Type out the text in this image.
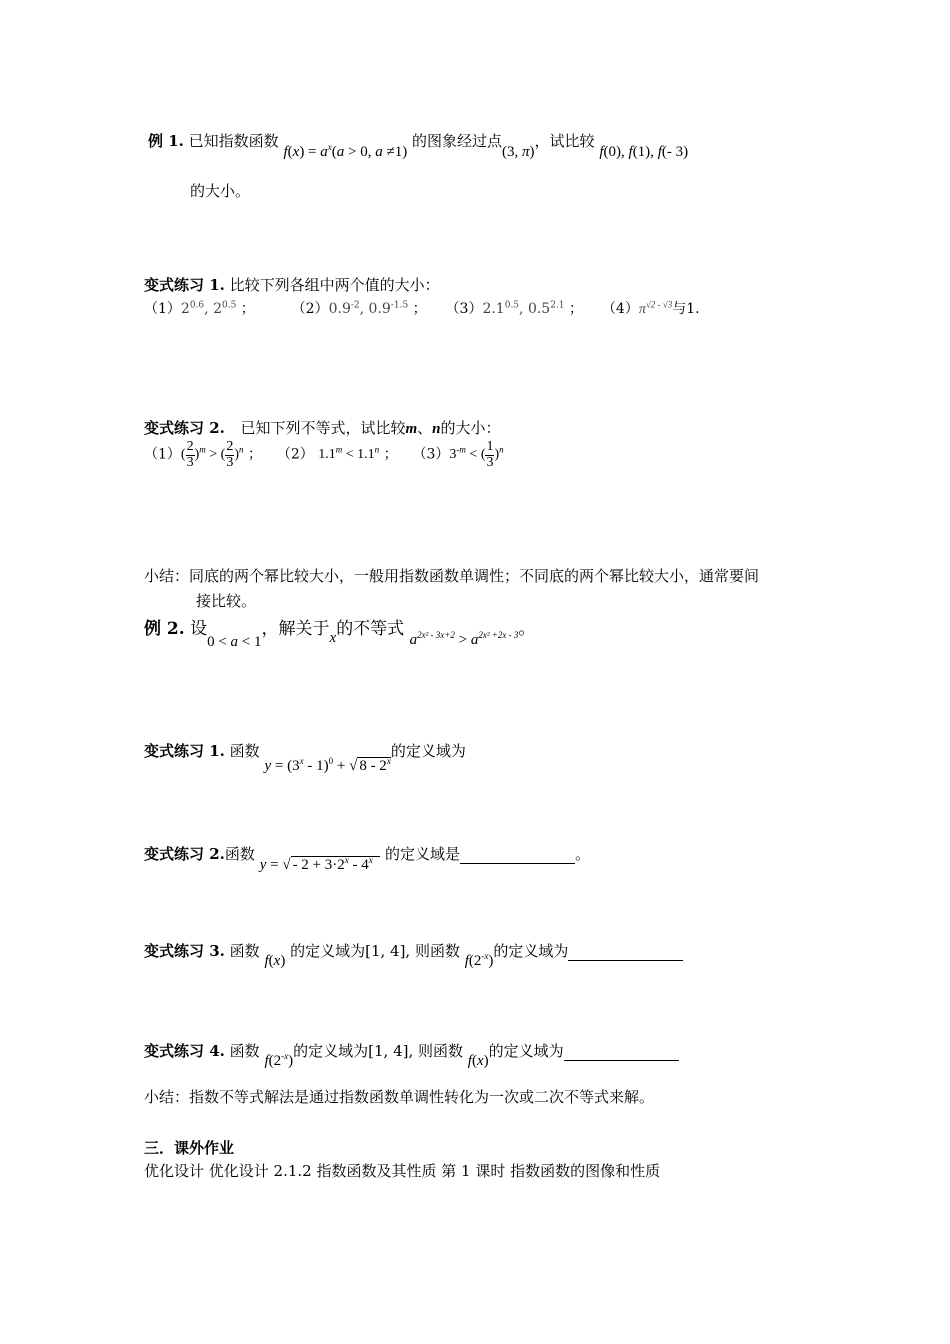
例 1. 已知指数函数 $f(x) = a^x(a > 0$, a ≠1) 的图象经过点(3, π)，试比较 f(0), f(1), f(- 3)
的大小。
变式练习 1. 比较下列各组中两个值的大小：
$(1)2^{0.6}$, $2^{0.5}$ ；	$(2)0.9^{-2}$, $0.9^{-1.5}$ ； $(3)2.1^{0.5}$, $0.5^{2.1}$ ； $(4)\pi^{√2 - √3}$与1.
变式练习 2. 已知下列不等式，试比较m、n的大小：
$(1)( \frac{2}{3} )^m$ > ( $\frac{2}{3} )^n$ ； （2） $1.1^m < 1.1^n$ ； $(3)3^{-m}$ < ( $\frac{1}{3} )^n$
小结：同底的两个幂比较大小，一般用指数函数单调性；不同底的两个幂比较大小，通常要间
接比较。
例 2. 设0 < a < 1，解关于x的不等式 $a^{2x^2 - 3x+2} > a^{2x^2 +2x - 3}$。
变式练习 1. 函数 $y = (3^x - 1)^0$ + √ 8 - 2$^x$的定义域为
变式练习 2.函数 y = √ - $2 + 3\cdot 2^x - 4^x$ 的定义域是	。
变式练习 3. 函数 f(x) 的定义域为[1, 4], 则函数 $f(2^{-x})$的定义域为
变式练习 4. 函数 $f(2^{-x})$的定义域为[1, 4], 则函数 f(x)的定义域为
小结：指数不等式解法是通过指数函数单调性转化为一次或二次不等式来解。
三．课外作业
优化设计 优化设计 2.1.2 指数函数及其性质 第 1 课时 指数函数的图像和性质
